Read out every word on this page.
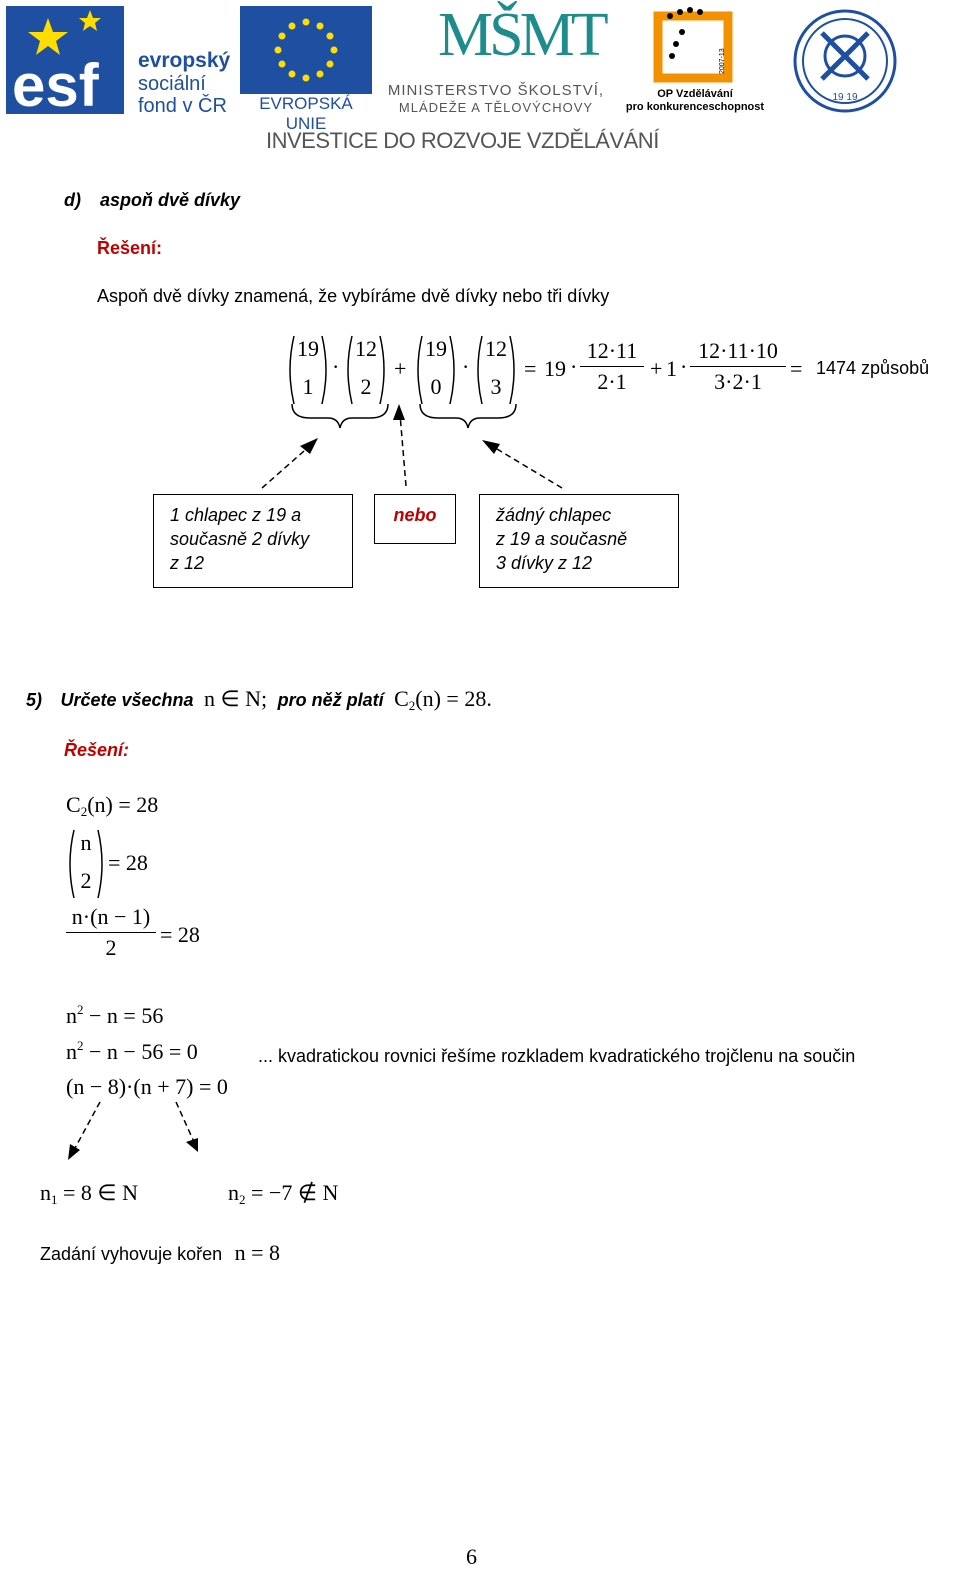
esf evropský
sociální
fond v ČR	EVROPSKÁ UNIE
MŠMT
MINISTERSTVO ŠKOLSTVÍ,
MLÁDEŽE A TĚLOVÝCHOVY
2007-13
OP Vzdělávání
pro konkurenceschopnost
19 19
INVESTICE DO ROZVOJE VZDĚLÁVÁNÍ
d) aspoň dvě dívky
Řešení:
Aspoň dvě dívky znamená, že vybíráme dvě dívky nebo tři dívky
19
1
·
12
2
+
19
0
·
12
3
= 19 ·
12·11
2·1
+ 1 ·
12·11·10
3·2·1
= 1474 způsobů
1 chlapec z 19 a
současně 2 dívky
z 12
nebo	žádný chlapec
z 19 a současně
3 dívky z 12
5) Určete všechna n ∈ N; pro něž platí $C_2(n) = 28$.
Řešení:
$C_2(n) = 28$
n
2
= 28
n·(n − 1)
2
= 28
$n^2 - n = 56$
$n^2 - n - 56 = 0$	... kvadratickou rovnici řešíme rozkladem kvadratického trojčlenu na součin
(n − 8)·(n + 7) = 0
$n_1 = 8$ ∈ N	$n_2 = -7$ ∉ N
Zadání vyhovuje kořen n = 8
6
